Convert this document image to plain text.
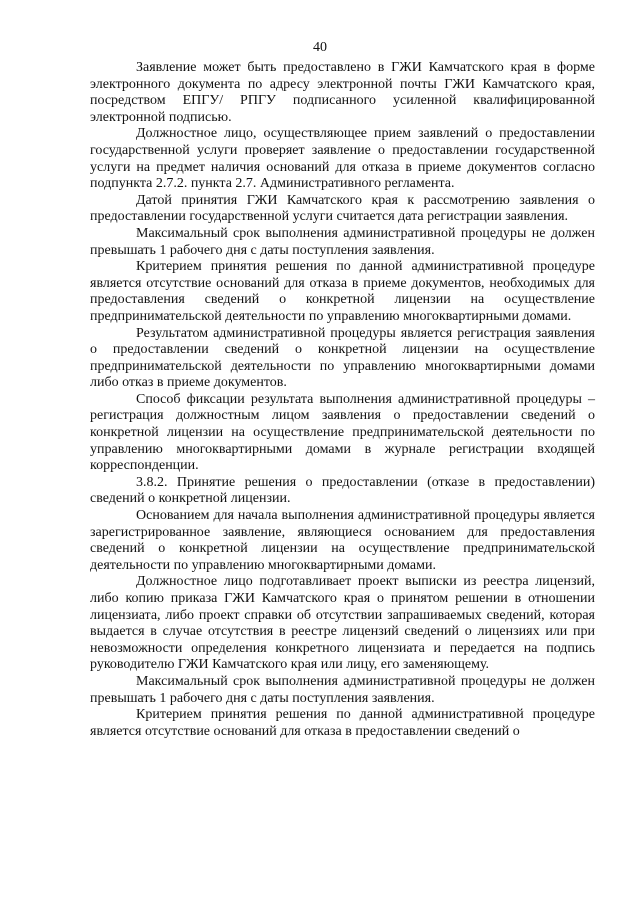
40

Заявление может быть предоставлено в ГЖИ Камчатского края в форме электронного документа по адресу электронной почты ГЖИ Камчатского края, посредством ЕПГУ/ РПГУ подписанного усиленной квалифицированной электронной подписью.

Должностное лицо, осуществляющее прием заявлений о предоставлении государственной услуги проверяет заявление о предоставлении государственной услуги на предмет наличия оснований для отказа в приеме документов согласно подпункта 2.7.2. пункта 2.7. Административного регламента.

Датой принятия ГЖИ Камчатского края к рассмотрению заявления о предоставлении государственной услуги считается дата регистрации заявления.

Максимальный срок выполнения административной процедуры не должен превышать 1 рабочего дня с даты поступления заявления.

Критерием принятия решения по данной административной процедуре является отсутствие оснований для отказа в приеме документов, необходимых для предоставления сведений о конкретной лицензии на осуществление предпринимательской деятельности по управлению многоквартирными домами.

Результатом административной процедуры является регистрация заявления о предоставлении сведений о конкретной лицензии на осуществление предпринимательской деятельности по управлению многоквартирными домами либо отказ в приеме документов.

Способ фиксации результата выполнения административной процедуры – регистрация должностным лицом заявления о предоставлении сведений о конкретной лицензии на осуществление предпринимательской деятельности по управлению многоквартирными домами в журнале регистрации входящей корреспонденции.

3.8.2. Принятие решения о предоставлении (отказе в предоставлении) сведений о конкретной лицензии.

Основанием для начала выполнения административной процедуры является зарегистрированное заявление, являющиеся основанием для предоставления сведений о конкретной лицензии на осуществление предпринимательской деятельности по управлению многоквартирными домами.

Должностное лицо подготавливает проект выписки из реестра лицензий, либо копию приказа ГЖИ Камчатского края о принятом решении в отношении лицензиата, либо проект справки об отсутствии запрашиваемых сведений, которая выдается в случае отсутствия в реестре лицензий сведений о лицензиях или при невозможности определения конкретного лицензиата и передается на подпись руководителю ГЖИ Камчатского края или лицу, его заменяющему.

Максимальный срок выполнения административной процедуры не должен превышать 1 рабочего дня с даты поступления заявления.

Критерием принятия решения по данной административной процедуре является отсутствие оснований для отказа в предоставлении сведений о
